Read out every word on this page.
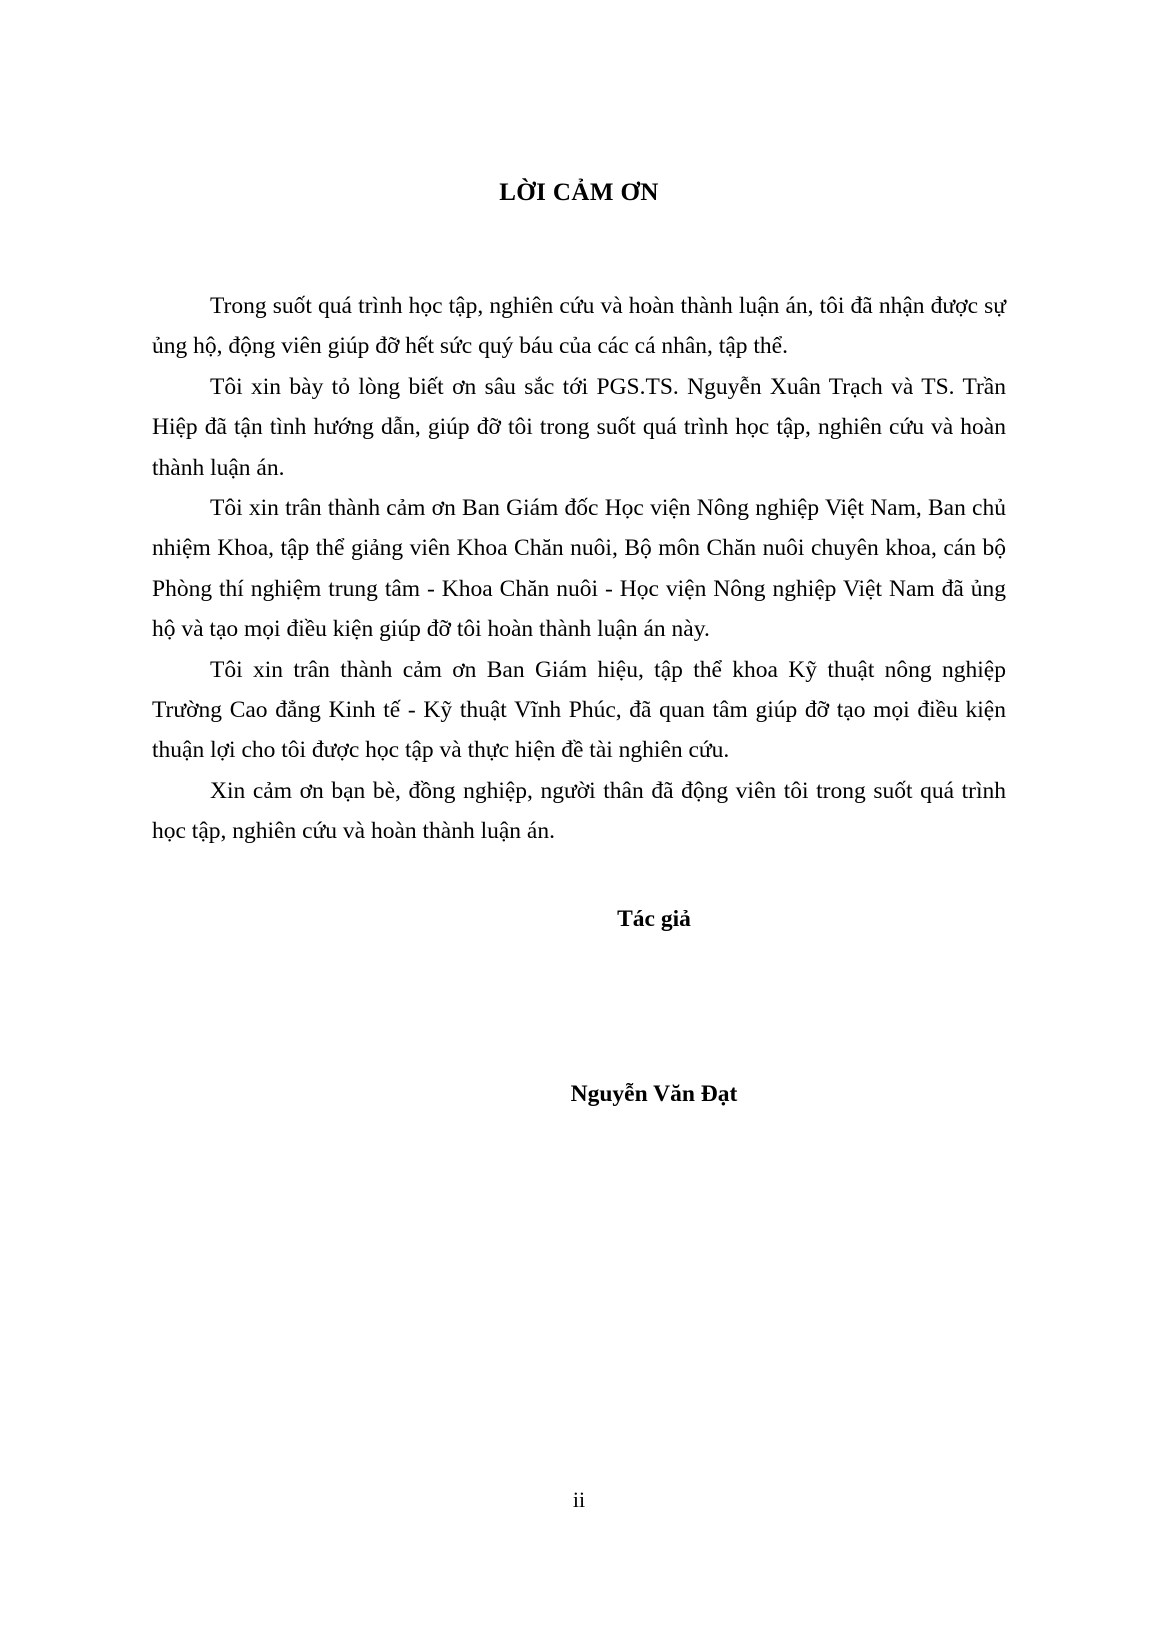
LỜI CẢM ƠN

Trong suốt quá trình học tập, nghiên cứu và hoàn thành luận án, tôi đã nhận được sự ủng hộ, động viên giúp đỡ hết sức quý báu của các cá nhân, tập thể.

Tôi xin bày tỏ lòng biết ơn sâu sắc tới PGS.TS. Nguyễn Xuân Trạch và TS. Trần Hiệp đã tận tình hướng dẫn, giúp đỡ tôi trong suốt quá trình học tập, nghiên cứu và hoàn thành luận án.

Tôi xin trân thành cảm ơn Ban Giám đốc Học viện Nông nghiệp Việt Nam, Ban chủ nhiệm Khoa, tập thể giảng viên Khoa Chăn nuôi, Bộ môn Chăn nuôi chuyên khoa, cán bộ Phòng thí nghiệm trung tâm - Khoa Chăn nuôi - Học viện Nông nghiệp Việt Nam đã ủng hộ và tạo mọi điều kiện giúp đỡ tôi hoàn thành luận án này.

Tôi xin trân thành cảm ơn Ban Giám hiệu, tập thể khoa Kỹ thuật nông nghiệp Trường Cao đẳng Kinh tế - Kỹ thuật Vĩnh Phúc, đã quan tâm giúp đỡ tạo mọi điều kiện thuận lợi cho tôi được học tập và thực hiện đề tài nghiên cứu.

Xin cảm ơn bạn bè, đồng nghiệp, người thân đã động viên tôi trong suốt quá trình học tập, nghiên cứu và hoàn thành luận án.

Tác giả
Nguyễn Văn Đạt
ii
